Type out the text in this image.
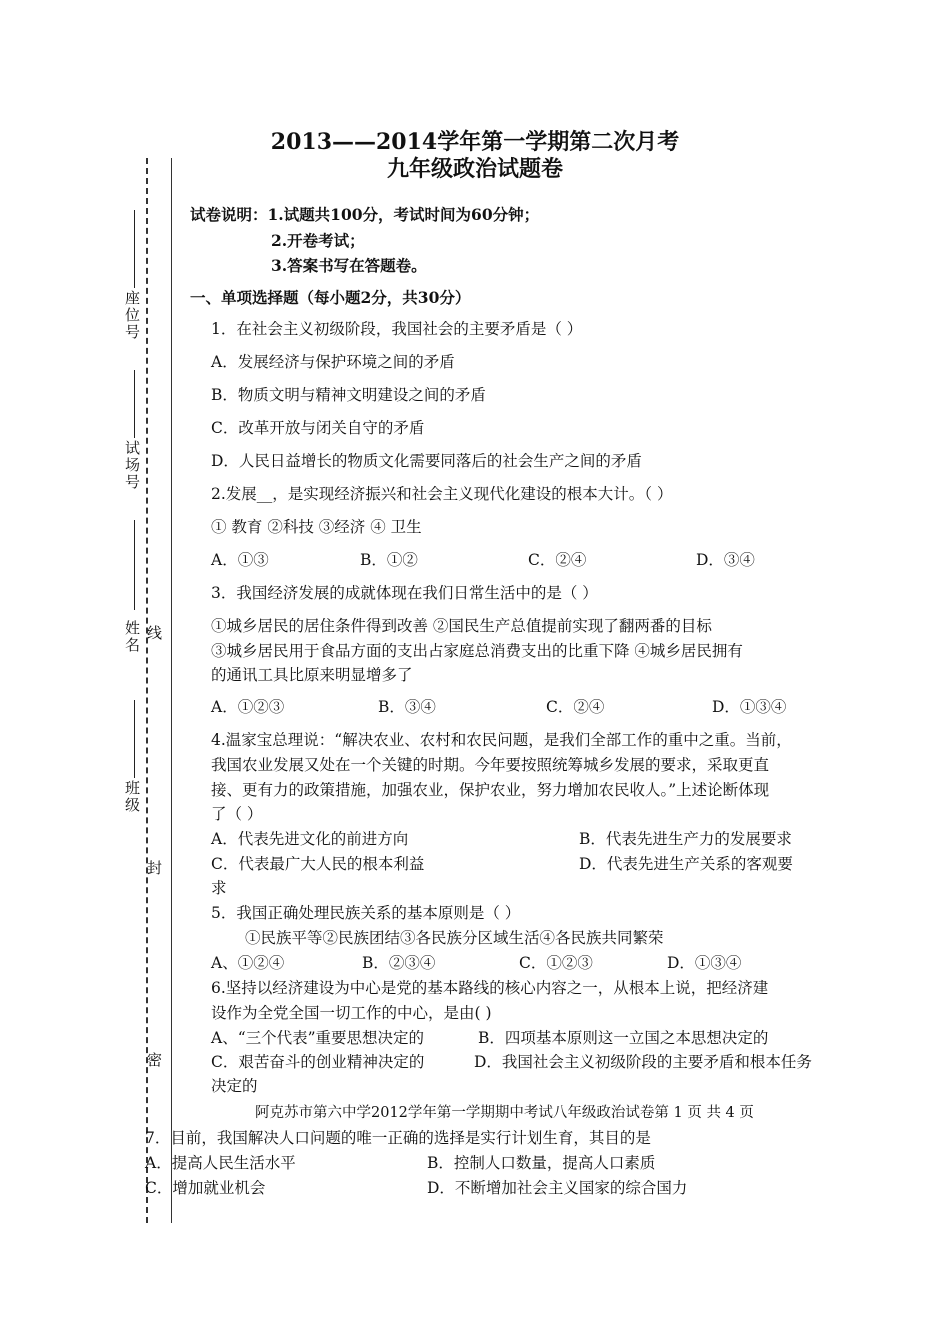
座位号
试场号
姓名 线
班级
封
密
2013——2014学年第一学期第二次月考
九年级政治试题卷
试卷说明：1.试题共100分，考试时间为60分钟；
2.开卷考试；
3.答案书写在答题卷。
一、单项选择题（每小题2分，共30分）
1．在社会主义初级阶段，我国社会的主要矛盾是（ ）
A．发展经济与保护环境之间的矛盾
B．物质文明与精神文明建设之间的矛盾
C．改革开放与闭关自守的矛盾
D．人民日益增长的物质文化需要同落后的社会生产之间的矛盾
2.发展__，是实现经济振兴和社会主义现代化建设的根本大计。（ ）
① 教育 ②科技 ③经济 ④ 卫生
A．①③	B．①②	C．②④	D．③④
3．我国经济发展的成就体现在我们日常生活中的是（ ）
①城乡居民的居住条件得到改善 ②国民生产总值提前实现了翻两番的目标
③城乡居民用于食品方面的支出占家庭总消费支出的比重下降 ④城乡居民拥有
的通讯工具比原来明显增多了
A．①②③	B．③④	C．②④	D．①③④
4.温家宝总理说：“解决农业、农村和农民问题，是我们全部工作的重中之重。当前，
我国农业发展又处在一个关键的时期。今年要按照统筹城乡发展的要求，采取更直
接、更有力的政策措施，加强农业，保护农业，努力增加农民收人。”上述论断体现
了（ ）
A．代表先进文化的前进方向	B．代表先进生产力的发展要求
C．代表最广大人民的根本利益	D．代表先进生产关系的客观要
求
5．我国正确处理民族关系的基本原则是（ ）
①民族平等②民族团结③各民族分区域生活④各民族共同繁荣
A、①②④	B．②③④	C．①②③	D．①③④
6.坚持以经济建设为中心是党的基本路线的核心内容之一，从根本上说，把经济建
设作为全党全国一切工作的中心，是由( )
A、“三个代表”重要思想决定的	B．四项基本原则这一立国之本思想决定的
C．艰苦奋斗的创业精神决定的	D．我国社会主义初级阶段的主要矛盾和根本任务
决定的
阿克苏市第六中学2012学年第一学期期中考试八年级政治试卷第 1 页 共 4 页
7．目前，我国解决人口问题的唯一正确的选择是实行计划生育，其目的是
A．提高人民生活水平	B．控制人口数量，提高人口素质
C．增加就业机会	D．不断增加社会主义国家的综合国力
